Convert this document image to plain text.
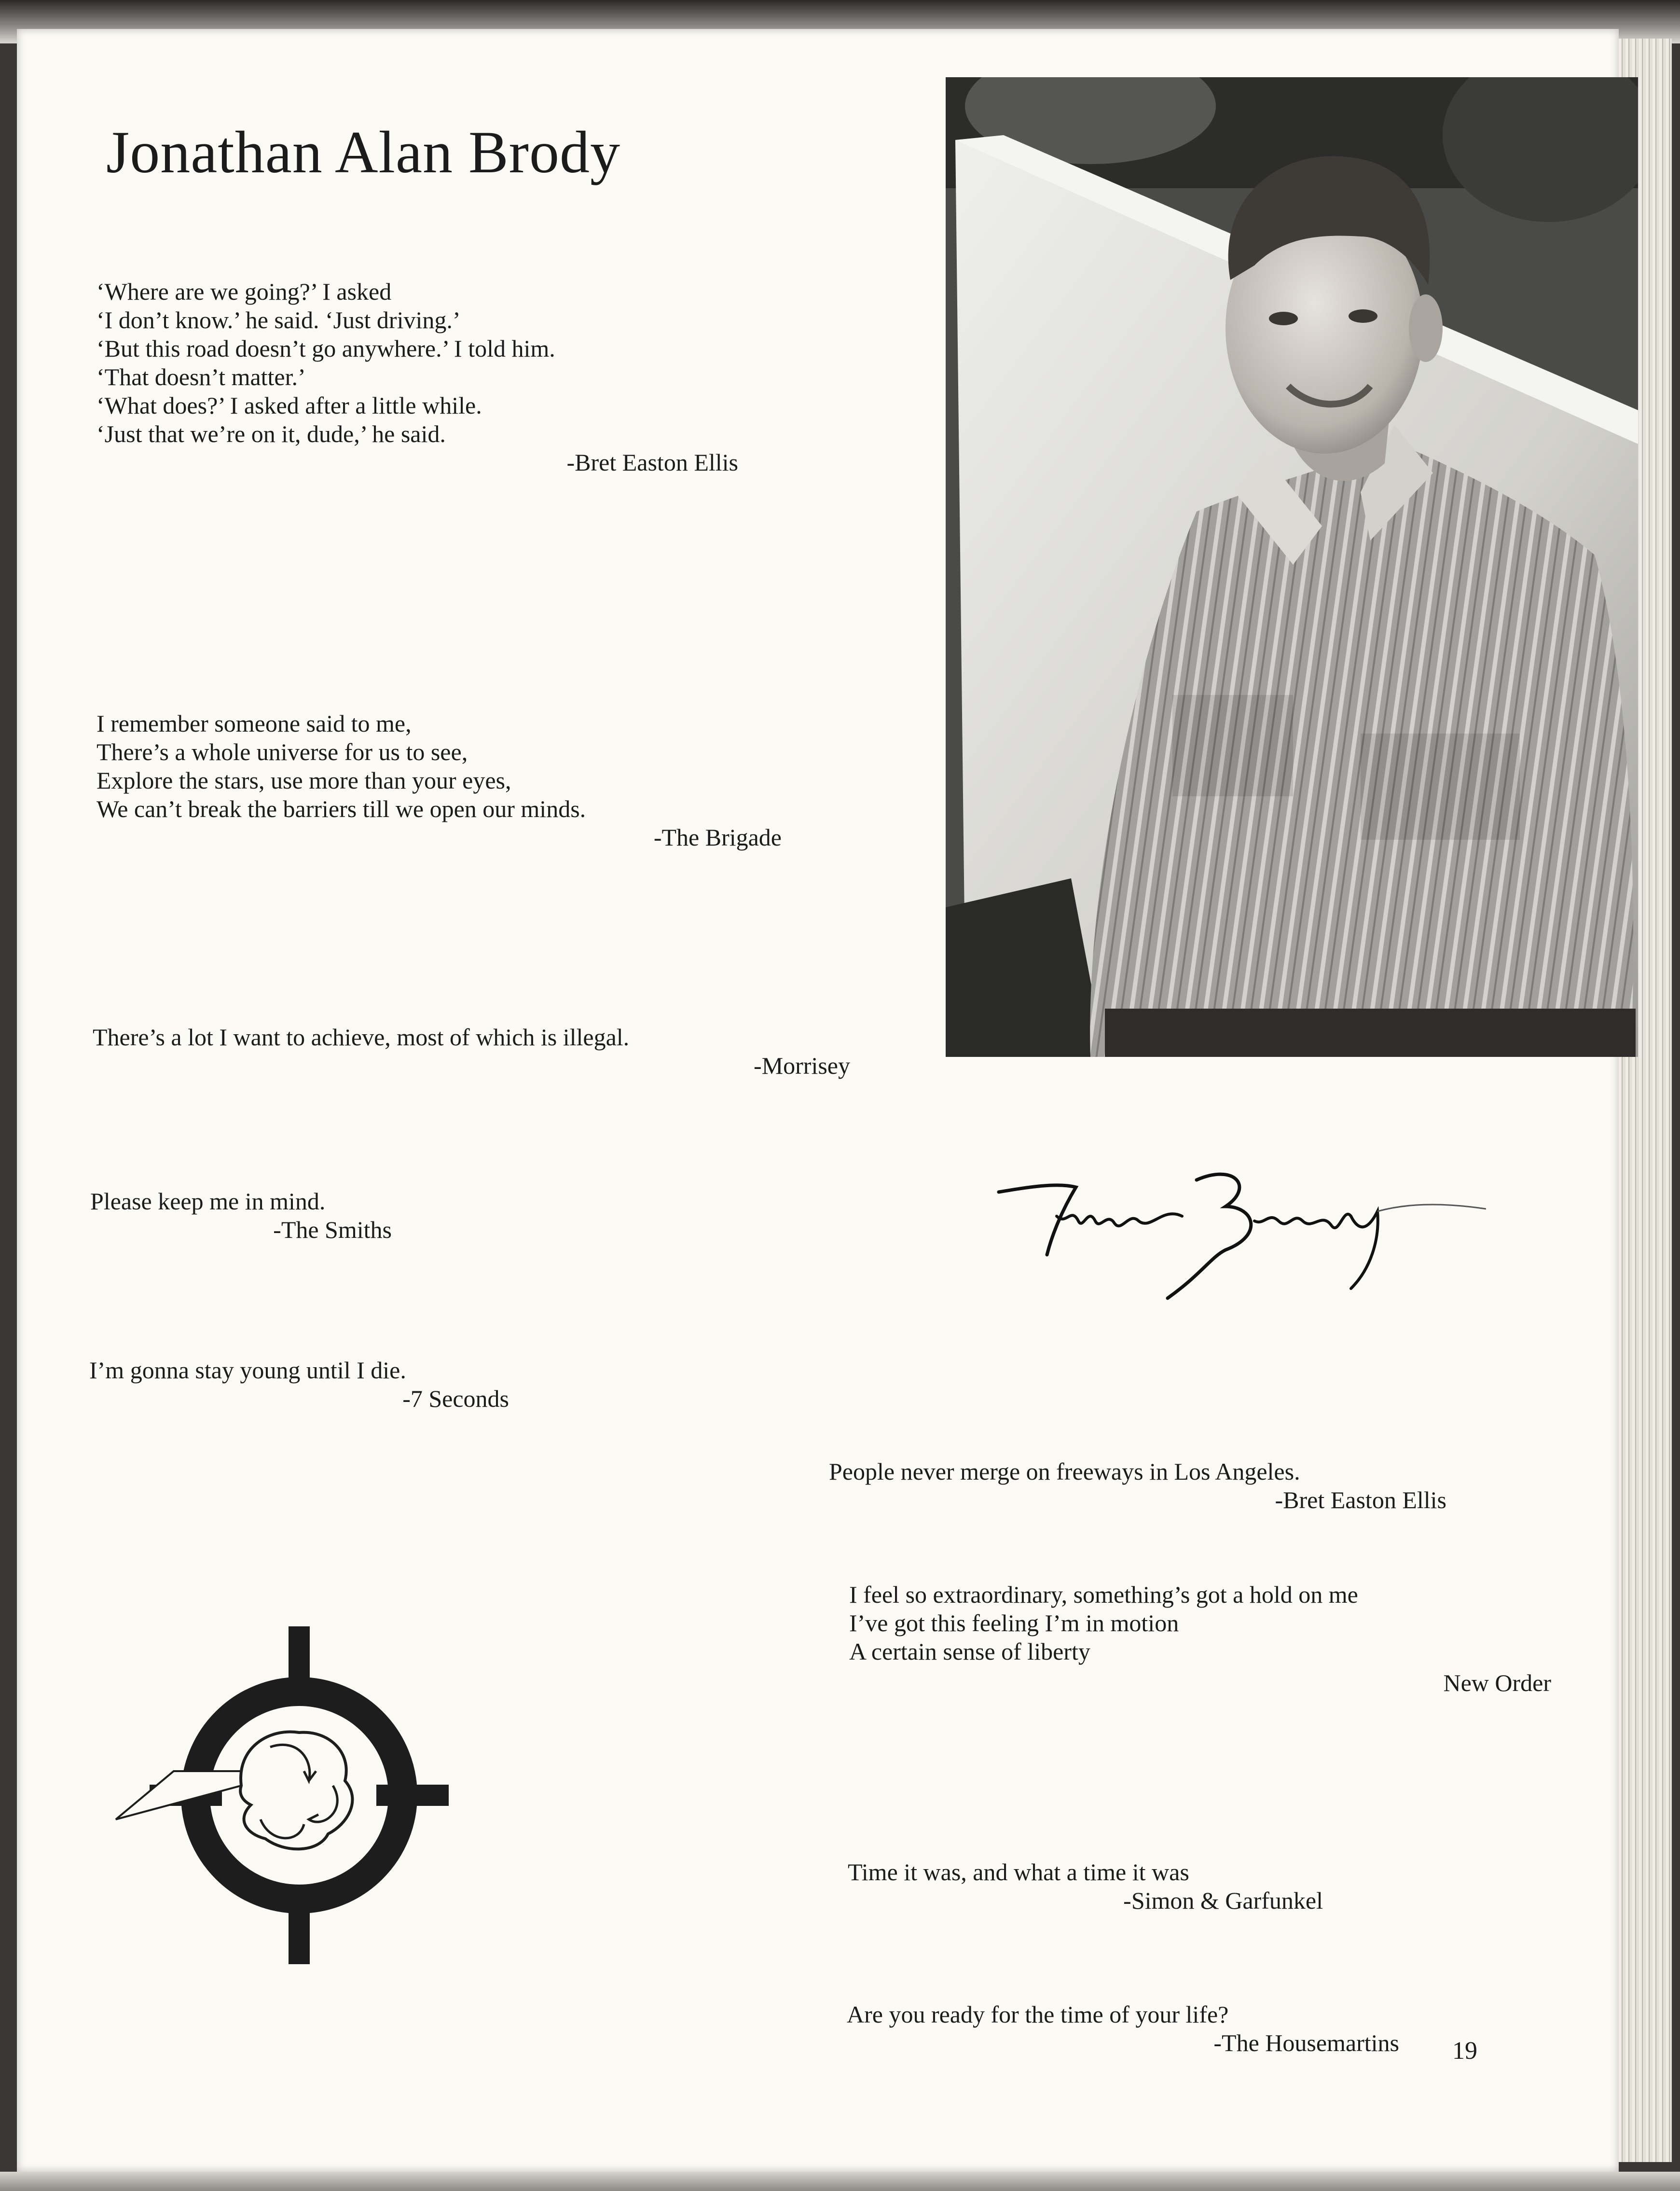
Jonathan Alan Brody
‘Where are we going?’ I asked
‘I don’t know.’ he said. ‘Just driving.’
‘But this road doesn’t go anywhere.’ I told him.
‘That doesn’t matter.’
‘What does?’ I asked after a little while.
‘Just that we’re on it, dude,’ he said.
-Bret Easton Ellis
I remember someone said to me,
There’s a whole universe for us to see,
Explore the stars, use more than your eyes,
We can’t break the barriers till we open our minds.
-The Brigade
There’s a lot I want to achieve, most of which is illegal.
-Morrisey
Please keep me in mind.
-The Smiths
I’m gonna stay young until I die.
-7 Seconds
People never merge on freeways in Los Angeles.
-Bret Easton Ellis
I feel so extraordinary, something’s got a hold on me
I’ve got this feeling I’m in motion
A certain sense of liberty
New Order
Time it was, and what a time it was
-Simon & Garfunkel
Are you ready for the time of your life?
-The Housemartins 19
